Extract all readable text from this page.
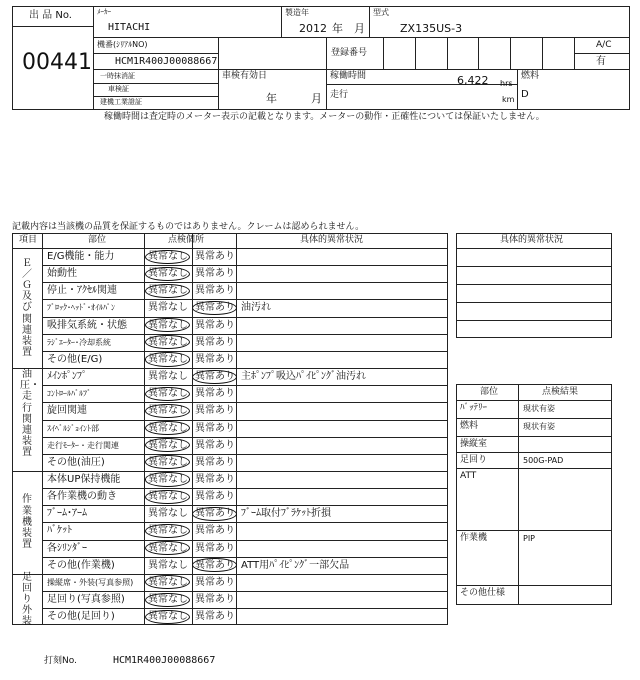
出 品 No.
00441
ﾒｰｶｰ
HITACHI
製造年
2012 年 月
型式
ZX135US-3
機番(ｼﾘｱﾙNO)
HCM1R400J00088667
登録番号
A/C
有
一時抹消証
車検証
建機工業證証
車検有効日
年	月
稼働時間	6,422 hrs
走行	km
燃料
D
稼働時間は査定時のメーター表示の記載となります。メーターの動作・正確性については保証いたしません。
記載内容は当該機の品質を保証するものではありません。クレームは認められません。
項目	部位	点検個所	具体的異常状況
E/G機能・能力	異常なし 異常あり
始動性	異常なし 異常あり
停止・ｱｸｾﾙ関連	異常なし 異常あり
ﾌﾞﾛｯｸ･ﾍｯﾄﾞ･ｵｲﾙﾊﾟﾝ	異常なし 異常あり 油汚れ
吸排気系統・状態 異常なし 異常あり
ﾗｼﾞｴｰﾀｰ･冷却系統	異常なし 異常あり
その他(E/G)	異常なし 異常あり
Ｅ／Ｇ及び関連装置
ﾒｲﾝﾎﾟﾝﾌﾟ	異常なし 異常あり 主ﾎﾟﾝﾌﾟ吸込ﾊﾟｲﾋﾟﾝｸﾞ油汚れ
ｺﾝﾄﾛｰﾙﾊﾞﾙﾌﾞ	異常なし 異常あり
旋回関連	異常なし 異常あり
ｽｲﾍﾞﾙｼﾞｮｲﾝﾄ部	異常なし 異常あり
走行ﾓｰﾀｰ・走行関連	異常なし 異常あり
その他(油圧)	異常なし 異常あり
油圧・走行関連装置
本体UP保持機能	異常なし 異常あり
各作業機の動き	異常なし 異常あり
ﾌﾞｰﾑ･ｱｰﾑ	異常なし 異常あり ﾌﾞｰﾑ取付ﾌﾞﾗｹｯﾄ折損
ﾊﾞｹｯﾄ	異常なし 異常あり
各ｼﾘﾝﾀﾞｰ	異常なし 異常あり
その他(作業機)	異常なし 異常あり ATT用ﾊﾟｲﾋﾟﾝｸﾞ一部欠品
作業機装置
操縦席・外装(写真参照) 異常なし 異常あり
足回り(写真参照) 異常なし 異常あり
その他(足回り)	異常なし 異常あり
足回り外装
具体的異常状況
部位	点検結果
ﾊﾞｯﾃﾘｰ	現状有姿
燃料	現状有姿
操縦室
足回り	500G-PAD
ATT
作業機	PIP
その他仕様
打刻No.	HCM1R400J00088667
